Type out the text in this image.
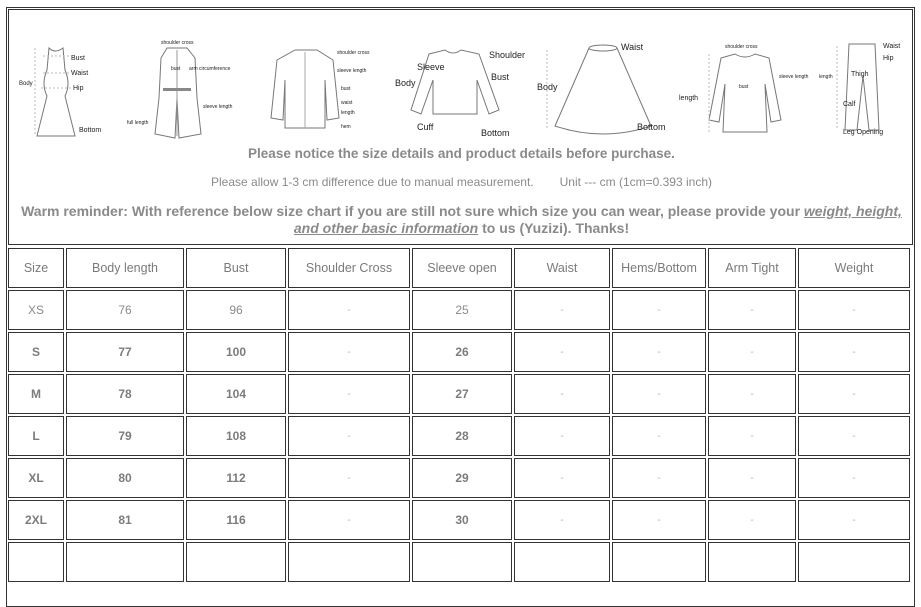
Bust
Waist
Body
Hip
Bottom
shoulder cross
bust arm circumference
sleeve length
full length
shoulder cross
sleeve length
bust
waist
length
hem
Shoulder
Sleeve
Body
Bust
Cuff
Bottom
Waist
Body
Bottom
shoulder cross
sleeve length
length
bust
Waist
Hip
Thigh
length
Calf
Leg Opening
Please notice the size details and product details before purchase.
Please allow 1-3 cm difference due to manual measurement. Unit --- cm (1cm=0.393 inch)
Warm reminder: With reference below size chart if you are still not sure which size you can wear, please provide your weight, height, and other basic information to us (Yuzizi). Thanks!
Size	Body length	Bust	Shoulder Cross	Sleeve open	Waist	Hems/Bottom	Arm Tight	Weight
XS	76	96	-	25	-	-	-	-
S	77	100	-	26	-	-	-	-
M	78	104	-	27	-	-	-	-
L	79	108	-	28	-	-	-	-
XL	80	112	-	29	-	-	-	-
2XL	81	116	-	30	-	-	-	-
